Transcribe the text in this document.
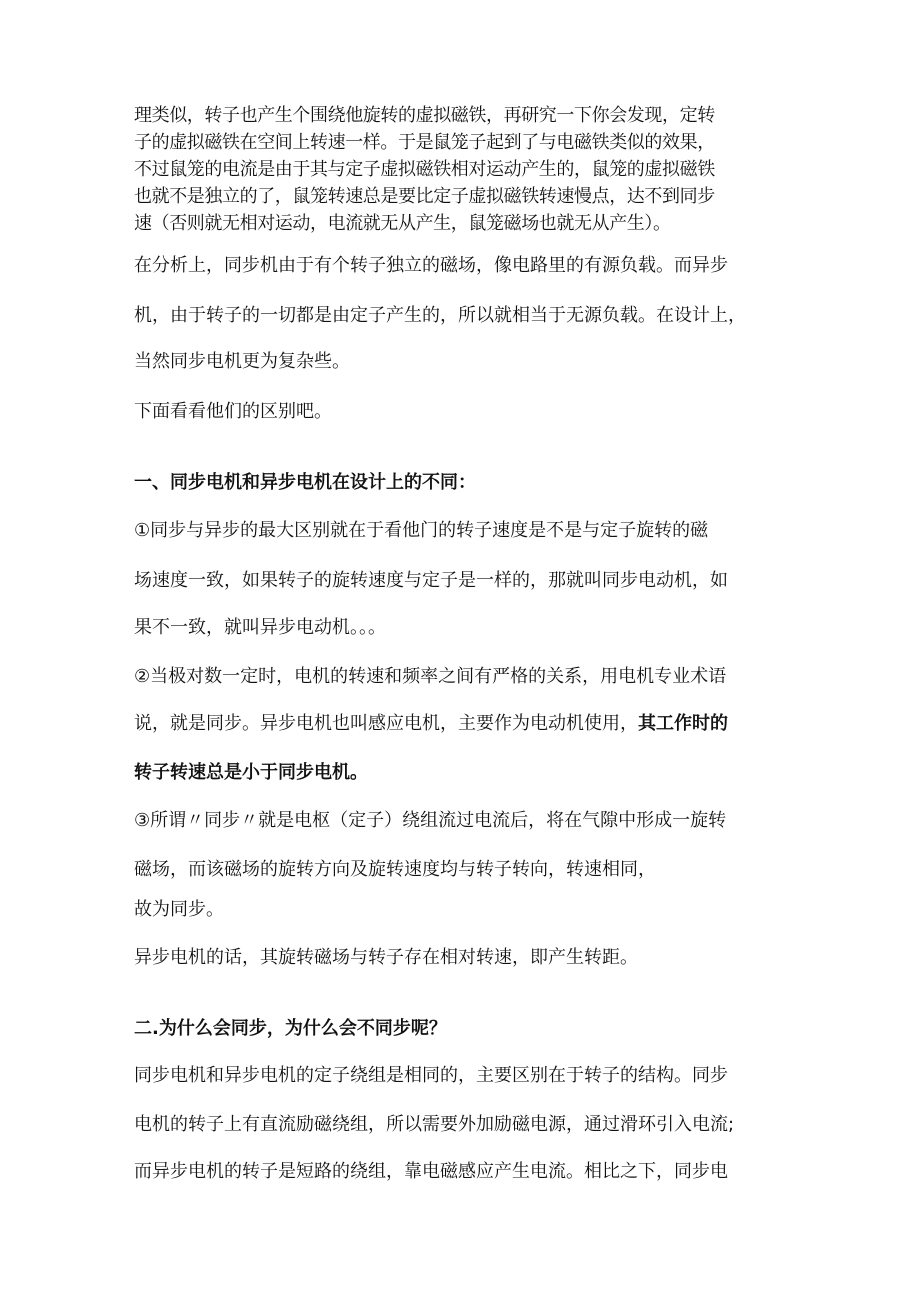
理类似，转子也产生个围绕他旋转的虚拟磁铁，再研究一下你会发现，定转
子的虚拟磁铁在空间上转速一样。于是鼠笼子起到了与电磁铁类似的效果，
不过鼠笼的电流是由于其与定子虚拟磁铁相对运动产生的，鼠笼的虚拟磁铁
也就不是独立的了，鼠笼转速总是要比定子虚拟磁铁转速慢点，达不到同步
速（否则就无相对运动，电流就无从产生，鼠笼磁场也就无从产生）。
在分析上，同步机由于有个转子独立的磁场，像电路里的有源负载。而异步
机，由于转子的一切都是由定子产生的，所以就相当于无源负载。在设计上，
当然同步电机更为复杂些。
下面看看他们的区别吧。
一、同步电机和异步电机在设计上的不同：
①同步与异步的最大区别就在于看他门的转子速度是不是与定子旋转的磁
场速度一致，如果转子的旋转速度与定子是一样的，那就叫同步电动机，如
果不一致，就叫异步电动机。。。
②当极对数一定时，电机的转速和频率之间有严格的关系，用电机专业术语
说，就是同步。异步电机也叫感应电机，主要作为电动机使用，其工作时的
转子转速总是小于同步电机。
③所谓〃同步〃就是电枢（定子）绕组流过电流后，将在气隙中形成一旋转
磁场，而该磁场的旋转方向及旋转速度均与转子转向，转速相同，
故为同步。
异步电机的话，其旋转磁场与转子存在相对转速，即产生转距。
二.为什么会同步，为什么会不同步呢？
同步电机和异步电机的定子绕组是相同的，主要区别在于转子的结构。同步
电机的转子上有直流励磁绕组，所以需要外加励磁电源，通过滑环引入电流;
而异步电机的转子是短路的绕组，靠电磁感应产生电流。相比之下，同步电
